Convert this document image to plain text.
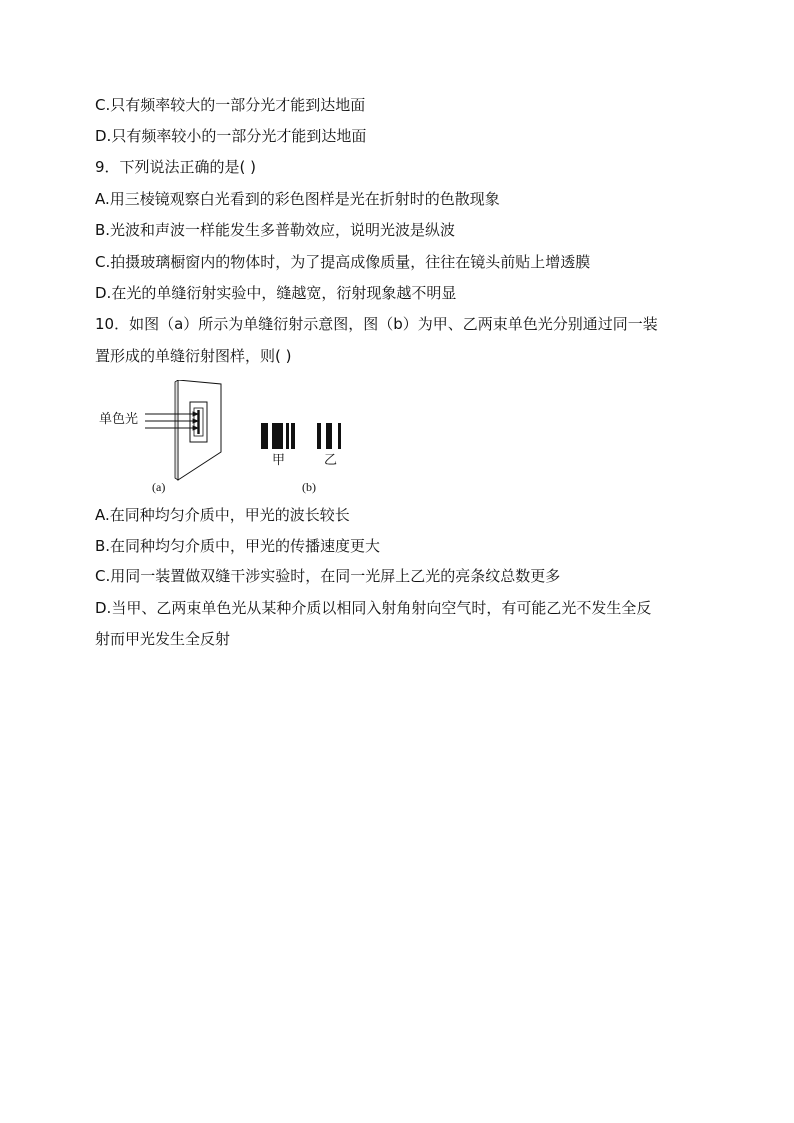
C.只有频率较大的一部分光才能到达地面
D.只有频率较小的一部分光才能到达地面
9．下列说法正确的是( )
A.用三棱镜观察白光看到的彩色图样是光在折射时的色散现象
B.光波和声波一样能发生多普勒效应，说明光波是纵波
C.拍摄玻璃橱窗内的物体时，为了提高成像质量，往往在镜头前贴上增透膜
D.在光的单缝衍射实验中，缝越宽，衍射现象越不明显
10．如图（a）所示为单缝衍射示意图，图（b）为甲、乙两束单色光分别通过同一装
置形成的单缝衍射图样，则( )
单色光
甲	乙
(a)	(b)
A.在同种均匀介质中，甲光的波长较长
B.在同种均匀介质中，甲光的传播速度更大
C.用同一装置做双缝干涉实验时，在同一光屏上乙光的亮条纹总数更多
D.当甲、乙两束单色光从某种介质以相同入射角射向空气时，有可能乙光不发生全反
射而甲光发生全反射
